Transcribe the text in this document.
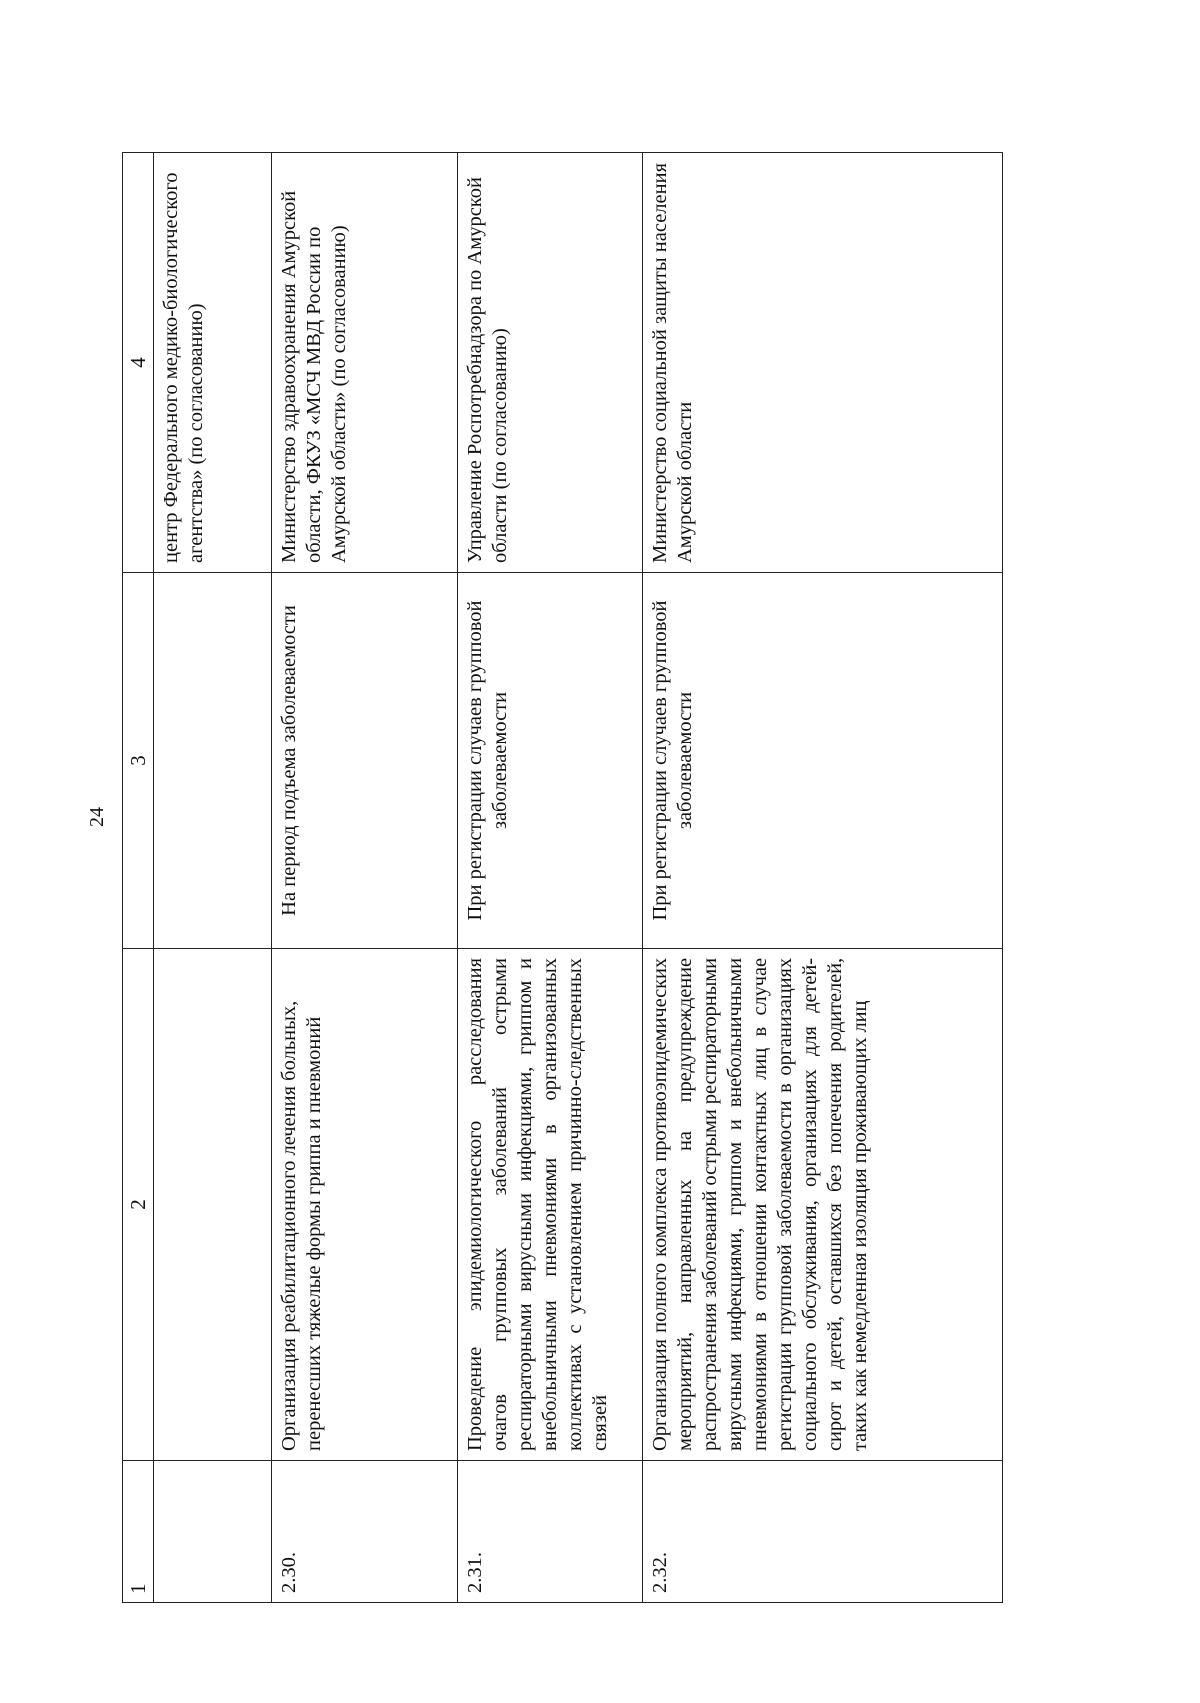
24
1	2	3	4
			центр Федерального медико-биологического агентства» (по согласованию)
2.30.	Организация реабилитационного лечения больных, перенесших тяжелые формы гриппа и пневмоний	На период подъема заболеваемости	Министерство здравоохранения Амурской области, ФКУЗ «МСЧ МВД России по Амурской области» (по согласованию)
2.31.	Проведение эпидемиологического расследования очагов групповых заболеваний острыми респираторными вирусными инфекциями, гриппом и внебольничными пневмониями в организованных коллективах с установлением причинно-следственных связей	При регистрации случаев групповой заболеваемости	Управление Роспотребнадзора по Амурской области (по согласованию)
2.32.	Организация полного комплекса противоэпидемических мероприятий, направленных на предупреждение распространения заболеваний острыми респираторными вирусными инфекциями, гриппом и внебольничными пневмониями в отношении контактных лиц в случае регистрации групповой заболеваемости в организациях социального обслуживания, организациях для детей-сирот и детей, оставшихся без попечения родителей, таких как немедленная изоляция проживающих лиц	При регистрации случаев групповой заболеваемости	Министерство социальной защиты населения Амурской области
